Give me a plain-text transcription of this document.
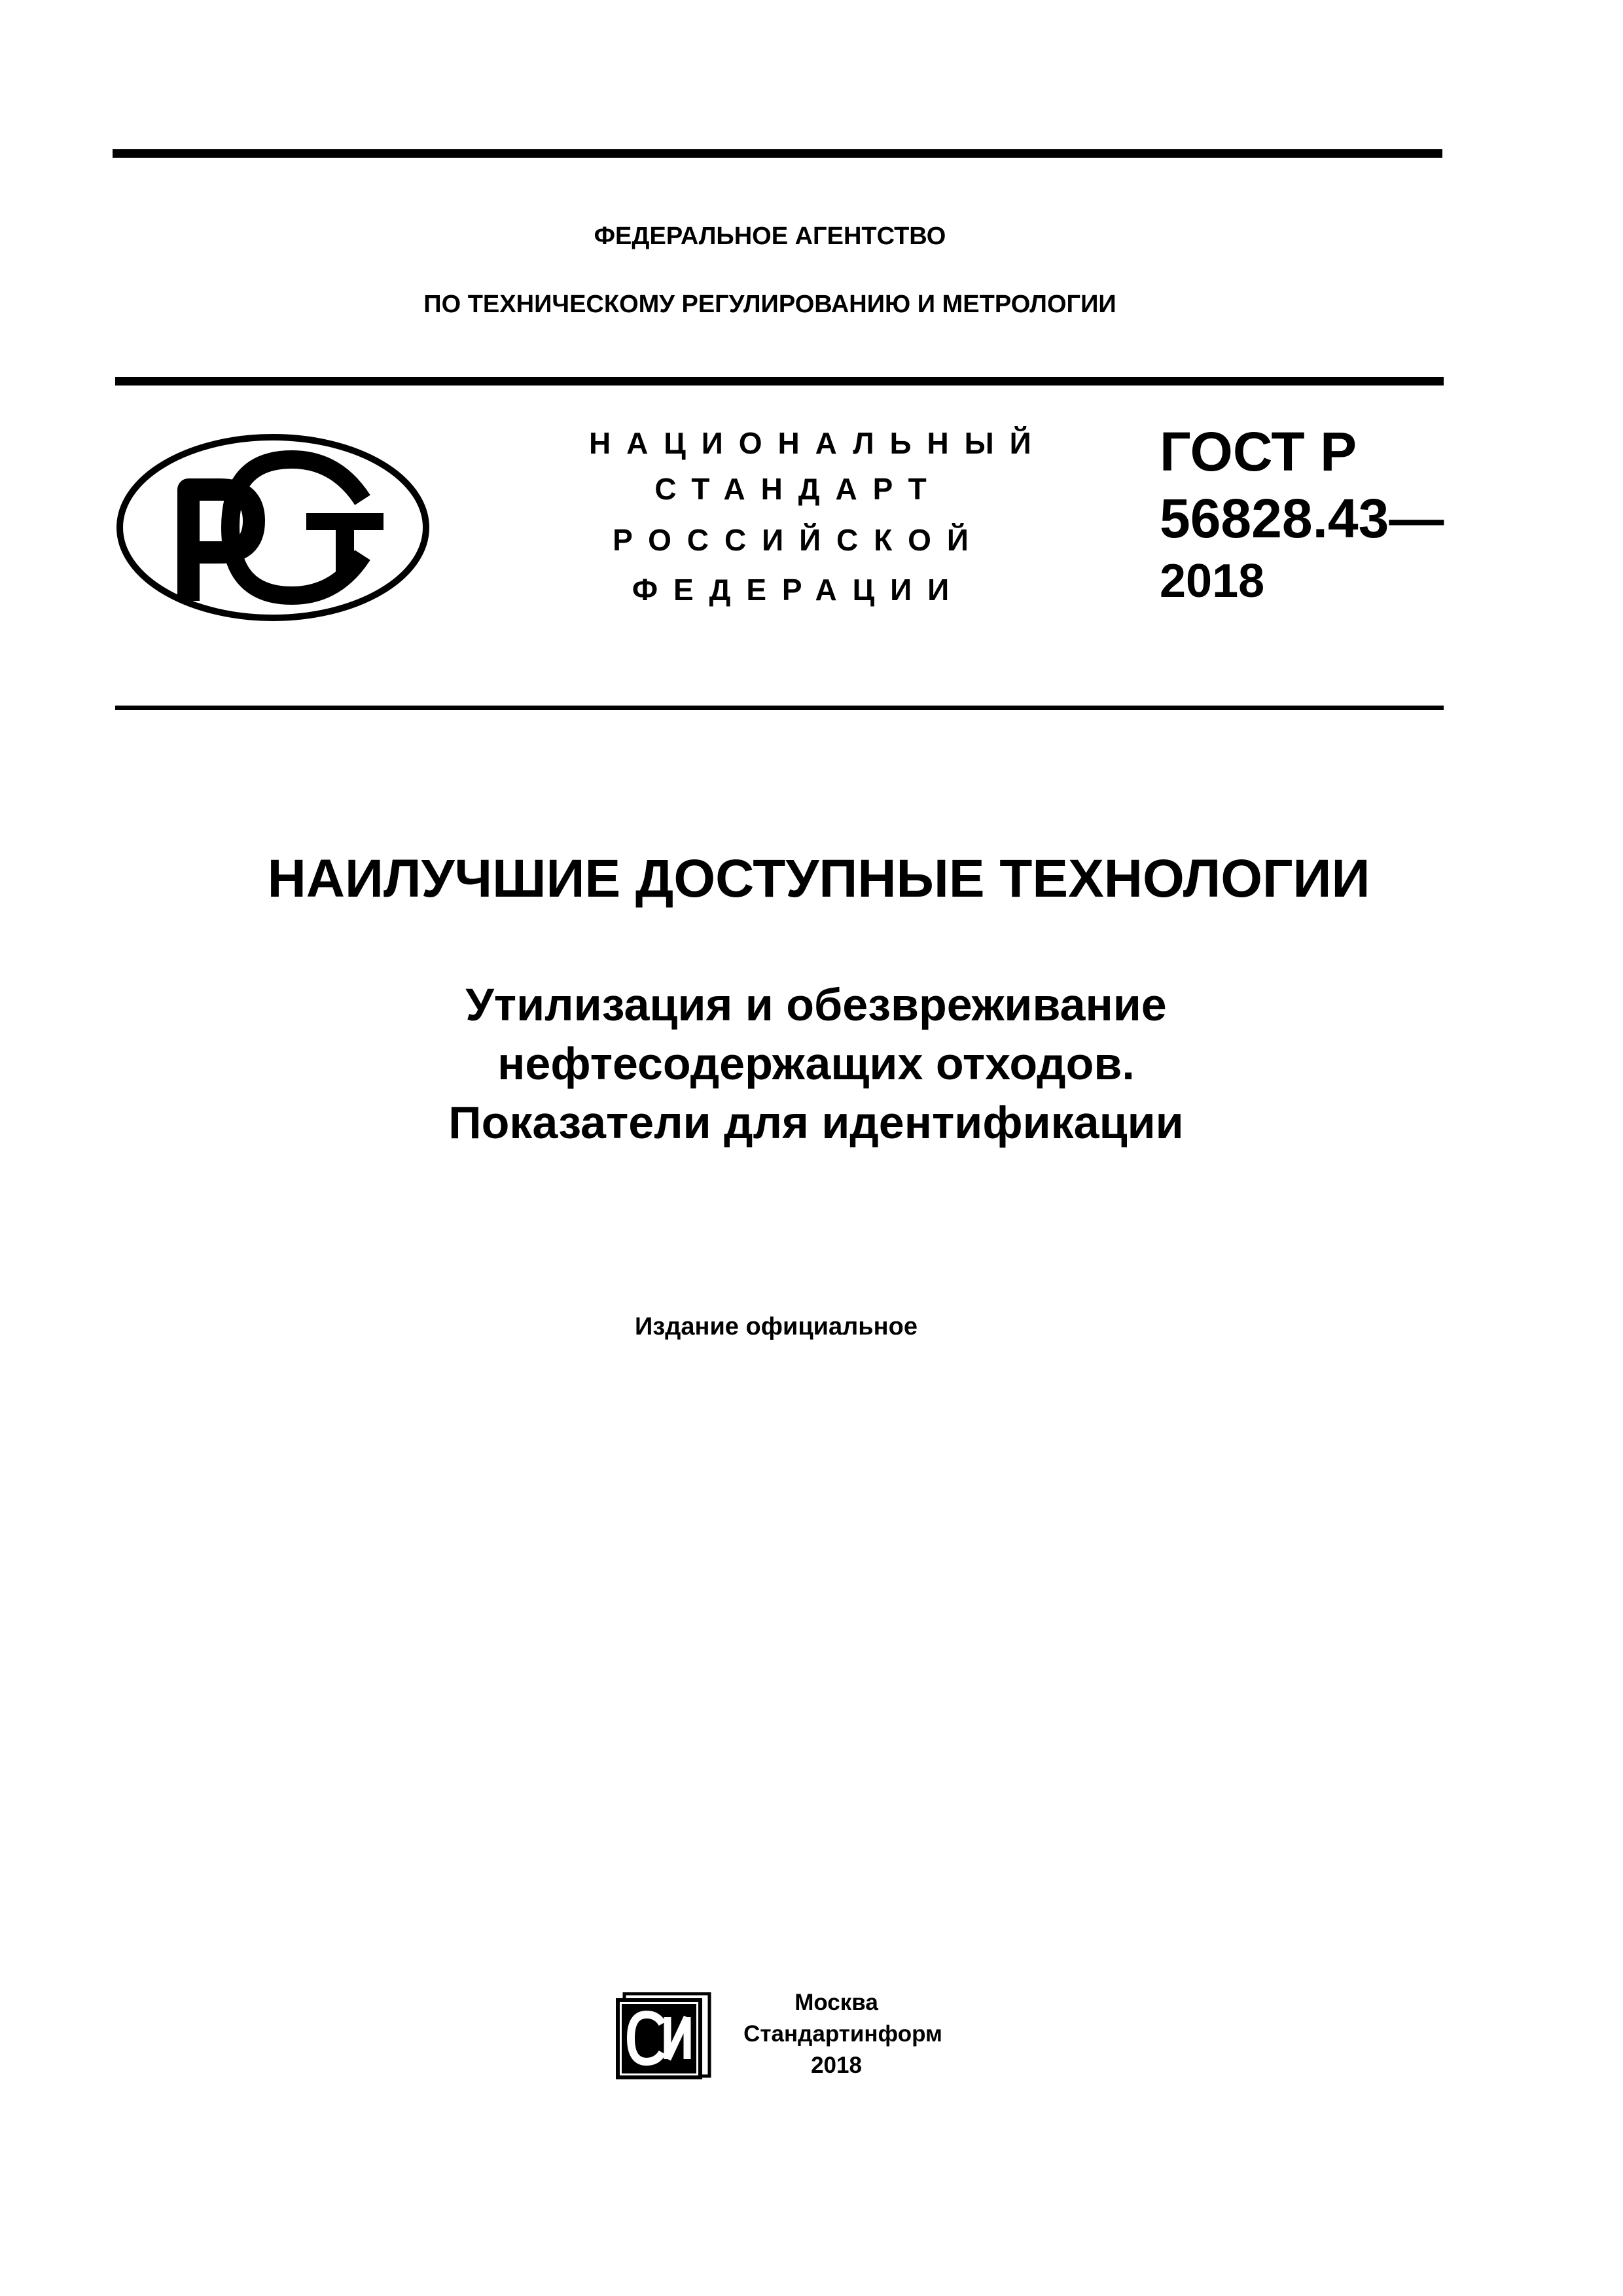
ФЕДЕРАЛЬНОЕ АГЕНТСТВО
ПО ТЕХНИЧЕСКОМУ РЕГУЛИРОВАНИЮ И МЕТРОЛОГИИ
НАЦИОНАЛЬНЫЙ
СТАНДАРТ
РОССИЙСКОЙ
ФЕДЕРАЦИИ
ГОСТ Р
56828.43—
2018
НАИЛУЧШИЕ ДОСТУПНЫЕ ТЕХНОЛОГИИ
Утилизация и обезвреживание
нефтесодержащих отходов.
Показатели для идентификации
Издание официальное
Москва
Стандартинформ
2018
